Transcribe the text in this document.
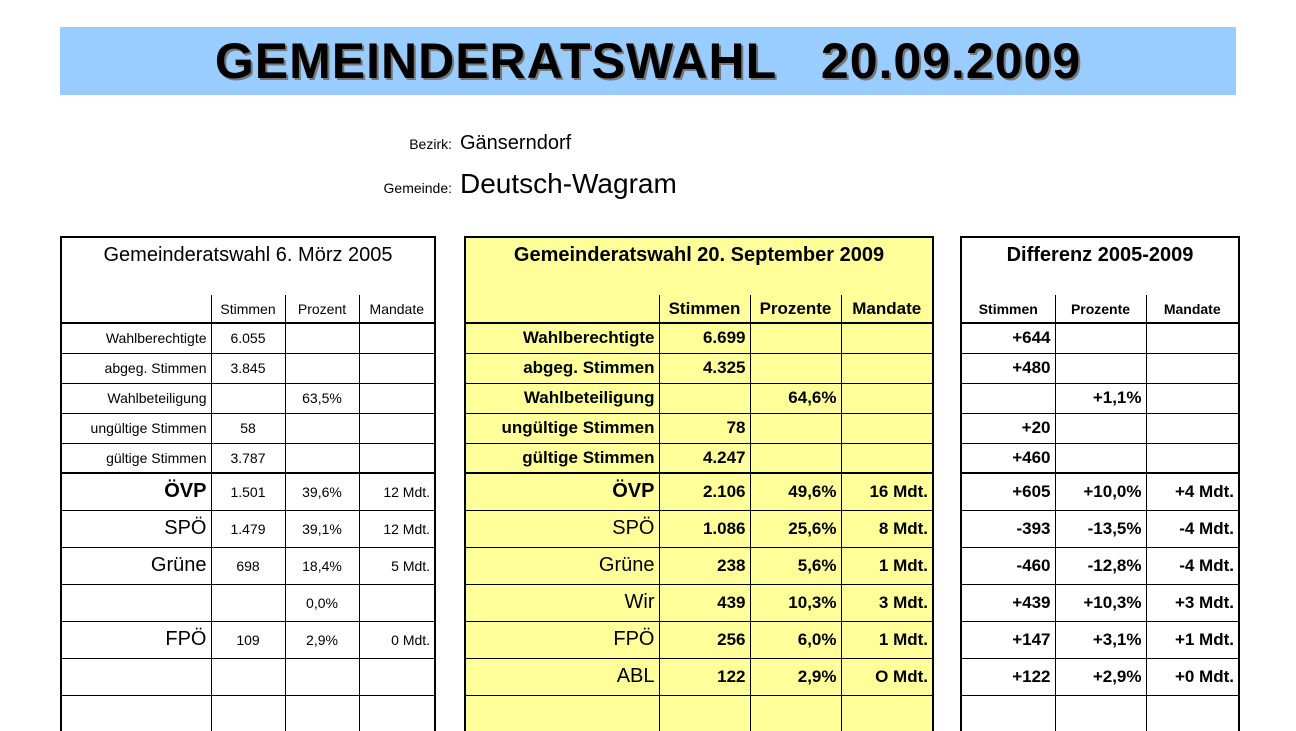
GEMEINDERATSWAHL   20.09.2009
Bezirk: Gänserndorf
Gemeinde: Deutsch-Wagram
Gemeinderatswahl 6. Mörz 2005			
	Stimmen	Prozent	Mandate
Wahlberechtigte	6.055		
abgeg. Stimmen	3.845		
Wahlbeteiligung		63,5%	
ungültige Stimmen	58		
gültige Stimmen	3.787		
ÖVP	1.501	39,6%	12 Mdt.
SPÖ	1.479	39,1%	12 Mdt.
Grüne	698	18,4%	5 Mdt.
		0,0%	
FPÖ	109	2,9%	0 Mdt.

Gemeinderatswahl 20. September 2009			
	Stimmen	Prozente	Mandate
Wahlberechtigte	6.699		
abgeg. Stimmen	4.325		
Wahlbeteiligung		64,6%	
ungültige Stimmen	78		
gültige Stimmen	4.247		
ÖVP	2.106	49,6%	16 Mdt.
SPÖ	1.086	25,6%	8 Mdt.
Grüne	238	5,6%	1 Mdt.
Wir	439	10,3%	3 Mdt.
FPÖ	256	6,0%	1 Mdt.
ABL	122	2,9%	O Mdt.

Differenz 2005-2009		
Stimmen	Prozente	Mandate
+644		
+480		
	+1,1%	
+20		
+460		
+605	+10,0%	+4 Mdt.
-393	-13,5%	-4 Mdt.
-460	-12,8%	-4 Mdt.
+439	+10,3%	+3 Mdt.
+147	+3,1%	+1 Mdt.
+122	+2,9%	+0 Mdt.
